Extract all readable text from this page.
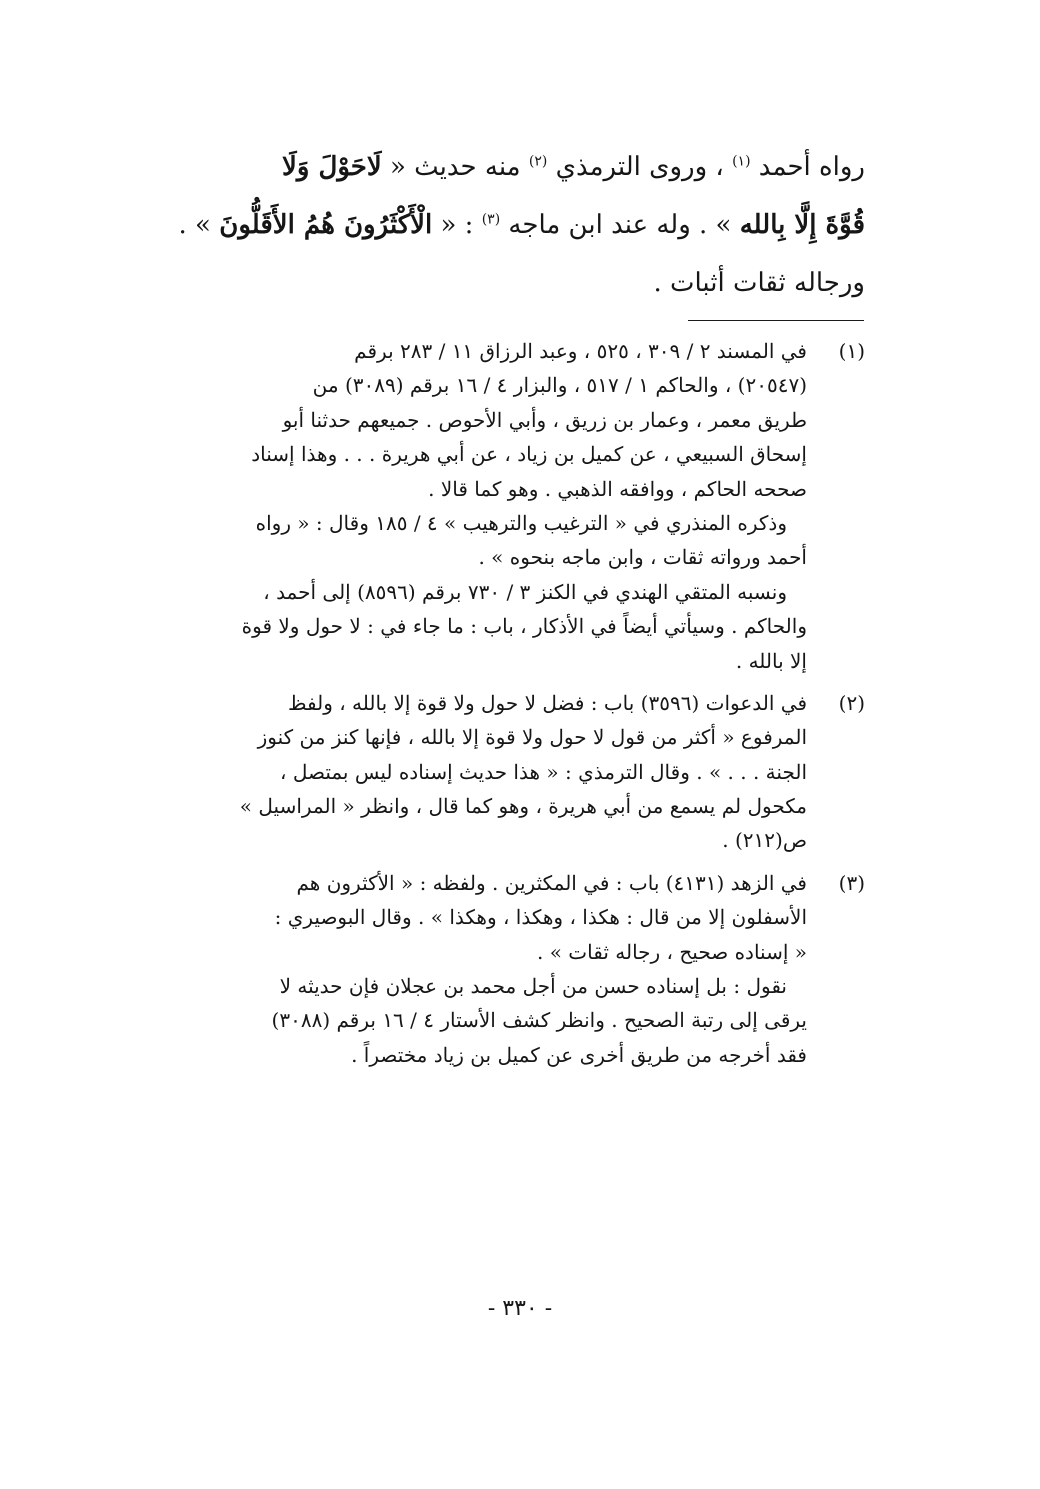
رواه أحمد $^{(١)}$ ، وروى الترمذي $^{(٢)}$ منه حديث « لَاحَوْلَ وَلَا
قُوَّةَ إِلَّا بِالله » . وله عند ابن ماجه $^{(٣)}$ : « الْأَكْثَرُونَ هُمُ الأَقَلُّونَ » .
ورجاله ثقات أثبات .
(١)في المسند ٢ / ٣٠٩ ، ٥٢٥ ، وعبد الرزاق ١١ / ٢٨٣ برقم
(٢٠٥٤٧) ، والحاكم ١ / ٥١٧ ، والبزار ٤ / ١٦ برقم (٣٠٨٩) من
طريق معمر ، وعمار بن زريق ، وأبي الأحوص . جميعهم حدثنا أبو
إسحاق السبيعي ، عن كميل بن زياد ، عن أبي هريرة . . . وهذا إسناد
صححه الحاكم ، ووافقه الذهبي . وهو كما قالا .
وذكره المنذري في « الترغيب والترهيب » ٤ / ١٨٥ وقال : « رواه
أحمد ورواته ثقات ، وابن ماجه بنحوه » .
ونسبه المتقي الهندي في الكنز ٣ / ٧٣٠ برقم (٨٥٩٦) إلى أحمد ،
والحاكم . وسيأتي أيضاً في الأذكار ، باب : ما جاء في : لا حول ولا قوة
إلا بالله .
(٢)في الدعوات (٣٥٩٦) باب : فضل لا حول ولا قوة إلا بالله ، ولفظ
المرفوع « أكثر من قول لا حول ولا قوة إلا بالله ، فإنها كنز من كنوز
الجنة . . . » . وقال الترمذي : « هذا حديث إسناده ليس بمتصل ،
مكحول لم يسمع من أبي هريرة ، وهو كما قال ، وانظر « المراسيل »
ص(٢١٢) .
(٣)في الزهد (٤١٣١) باب : في المكثرين . ولفظه : « الأكثرون هم
الأسفلون إلا من قال : هكذا ، وهكذا ، وهكذا » . وقال البوصيري :
« إسناده صحيح ، رجاله ثقات » .
نقول : بل إسناده حسن من أجل محمد بن عجلان فإن حديثه لا
يرقى إلى رتبة الصحيح . وانظر كشف الأستار ٤ / ١٦ برقم (٣٠٨٨)
فقد أخرجه من طريق أخرى عن كميل بن زياد مختصراً .
- ٣٣٠ -
